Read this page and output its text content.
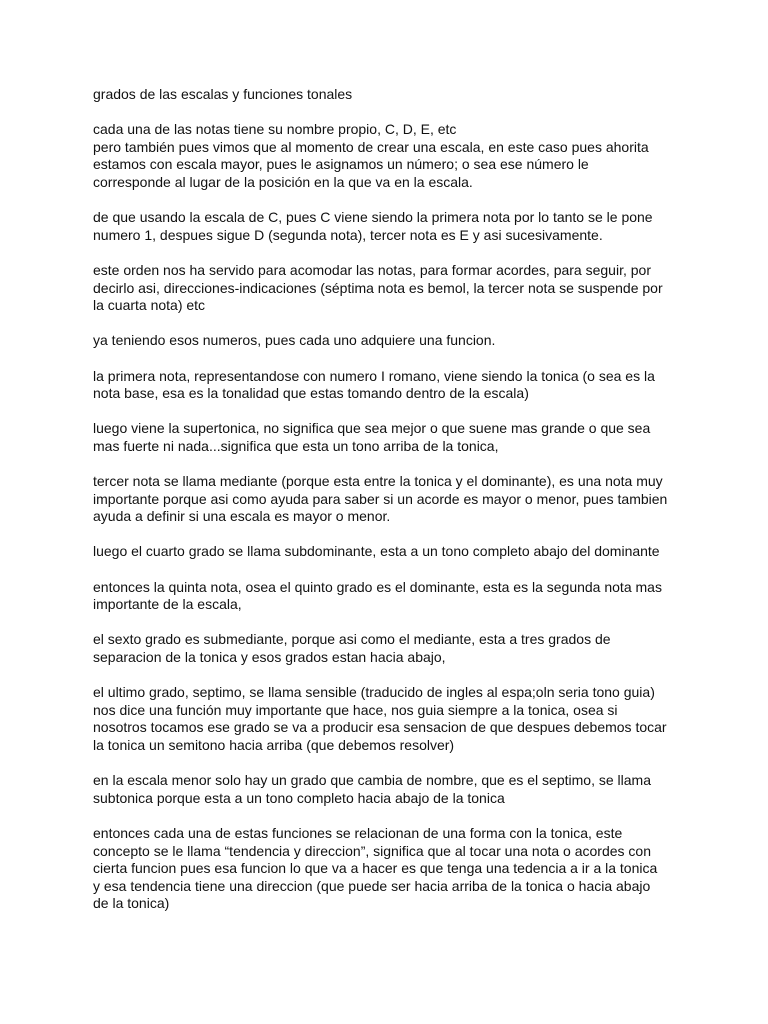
grados de las escalas y funciones tonales

cada una de las notas tiene su nombre propio, C, D, E, etc
pero también pues vimos que al momento de crear una escala, en este caso pues ahorita
estamos con escala mayor, pues le asignamos un número; o sea ese número le
corresponde al lugar de la posición en la que va en la escala.

de que usando la escala de C, pues C viene siendo la primera nota por lo tanto se le pone
numero 1, despues sigue D (segunda nota), tercer nota es E y asi sucesivamente.

este orden nos ha servido para acomodar las notas, para formar acordes, para seguir, por
decirlo asi, direcciones-indicaciones (séptima nota es bemol, la tercer nota se suspende por
la cuarta nota) etc

ya teniendo esos numeros, pues cada uno adquiere una funcion.

la primera nota, representandose con numero I romano, viene siendo la tonica (o sea es la
nota base, esa es la tonalidad que estas tomando dentro de la escala)

luego viene la supertonica, no significa que sea mejor o que suene mas grande o que sea
mas fuerte ni nada...significa que esta un tono arriba de la tonica,

tercer nota se llama mediante (porque esta entre la tonica y el dominante), es una nota muy
importante porque asi como ayuda para saber si un acorde es mayor o menor, pues tambien
ayuda a definir si una escala es mayor o menor.

luego el cuarto grado se llama subdominante, esta a un tono completo abajo del dominante

entonces la quinta nota, osea el quinto grado es el dominante, esta es la segunda nota mas
importante de la escala,

el sexto grado es submediante, porque asi como el mediante, esta a tres grados de
separacion de la tonica y esos grados estan hacia abajo,

el ultimo grado, septimo, se llama sensible (traducido de ingles al espa;oln seria tono guia)
nos dice una función muy importante que hace, nos guia siempre a la tonica, osea si
nosotros tocamos ese grado se va a producir esa sensacion de que despues debemos tocar
la tonica un semitono hacia arriba (que debemos resolver)

en la escala menor solo hay un grado que cambia de nombre, que es el septimo, se llama
subtonica porque esta a un tono completo hacia abajo de la tonica

entonces cada una de estas funciones se relacionan de una forma con la tonica, este
concepto se le llama “tendencia y direccion”, significa que al tocar una nota o acordes con
cierta funcion pues esa funcion lo que va a hacer es que tenga una tedencia a ir a la tonica
y esa tendencia tiene una direccion (que puede ser hacia arriba de la tonica o hacia abajo
de la tonica)
